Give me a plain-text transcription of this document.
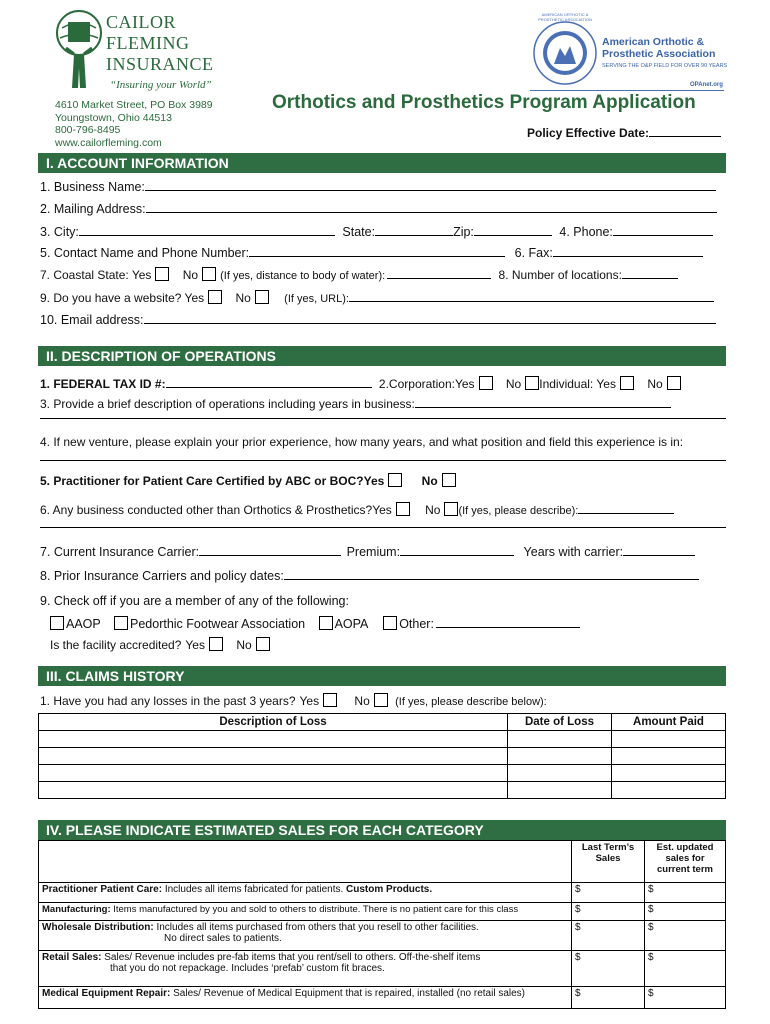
CAILOR
FLEMING
INSURANCE
“Insuring your World”
4610 Market Street, PO Box 3989
Youngstown, Ohio 44513
800-796-8495
www.cailorfleming.com
AMERICAN ORTHOTIC & PROSTHETIC ASSOCIATION
American Orthotic &
Prosthetic Association
SERVING THE O&P FIELD FOR OVER 90 YEARS
OPAnet.org
Orthotics and Prosthetics Program Application
Policy Effective Date:
I. ACCOUNT INFORMATION
1. Business Name:
2. Mailing Address:
3. City:	State:	Zip:	4. Phone:
5. Contact Name and Phone Number:	6. Fax:
7. Coastal State: Yes	No (If yes, distance to body of water):	8. Number of locations:
9. Do you have a website? Yes	No	(If yes, URL):
10. Email address:
II. DESCRIPTION OF OPERATIONS
1. FEDERAL TAX ID #:	2.Corporation:Yes	No Individual: Yes	No
3. Provide a brief description of operations including years in business:
4. If new venture, please explain your prior experience, how many years, and what position and field this experience is in:
5. Practitioner for Patient Care Certified by ABC or BOC?Yes	No
6. Any business conducted other than Orthotics & Prosthetics?Yes	No (If yes, please describe):
7. Current Insurance Carrier:	Premium:	Years with carrier:
8. Prior Insurance Carriers and policy dates:
9. Check off if you are a member of any of the following:
AAOP Pedorthic Footwear Association AOPA	Other:
Is the facility accredited? Yes	No
III. CLAIMS HISTORY
1. Have you had any losses in the past 3 years? Yes	No (If yes, please describe below):
Description of Loss	Date of Loss	Amount Paid

IV. PLEASE INDICATE ESTIMATED SALES FOR EACH CATEGORY
	Last Term’s Sales	Est. updated sales for current term
Practitioner Patient Care: Includes all items fabricated for patients. Custom Products.	$	$
Manufacturing: Items manufactured by you and sold to others to distribute. There is no patient care for this class	$	$
Wholesale Distribution: Includes all items purchased from others that you resell to other facilities.
No direct sales to patients.	$	$
Retail Sales: Sales/ Revenue includes pre-fab items that you rent/sell to others. Off-the-shelf items
that you do not repackage. Includes ‘prefab’ custom fit braces.	$	$
Medical Equipment Repair: Sales/ Revenue of Medical Equipment that is repaired, installed (no retail sales)	$	$
